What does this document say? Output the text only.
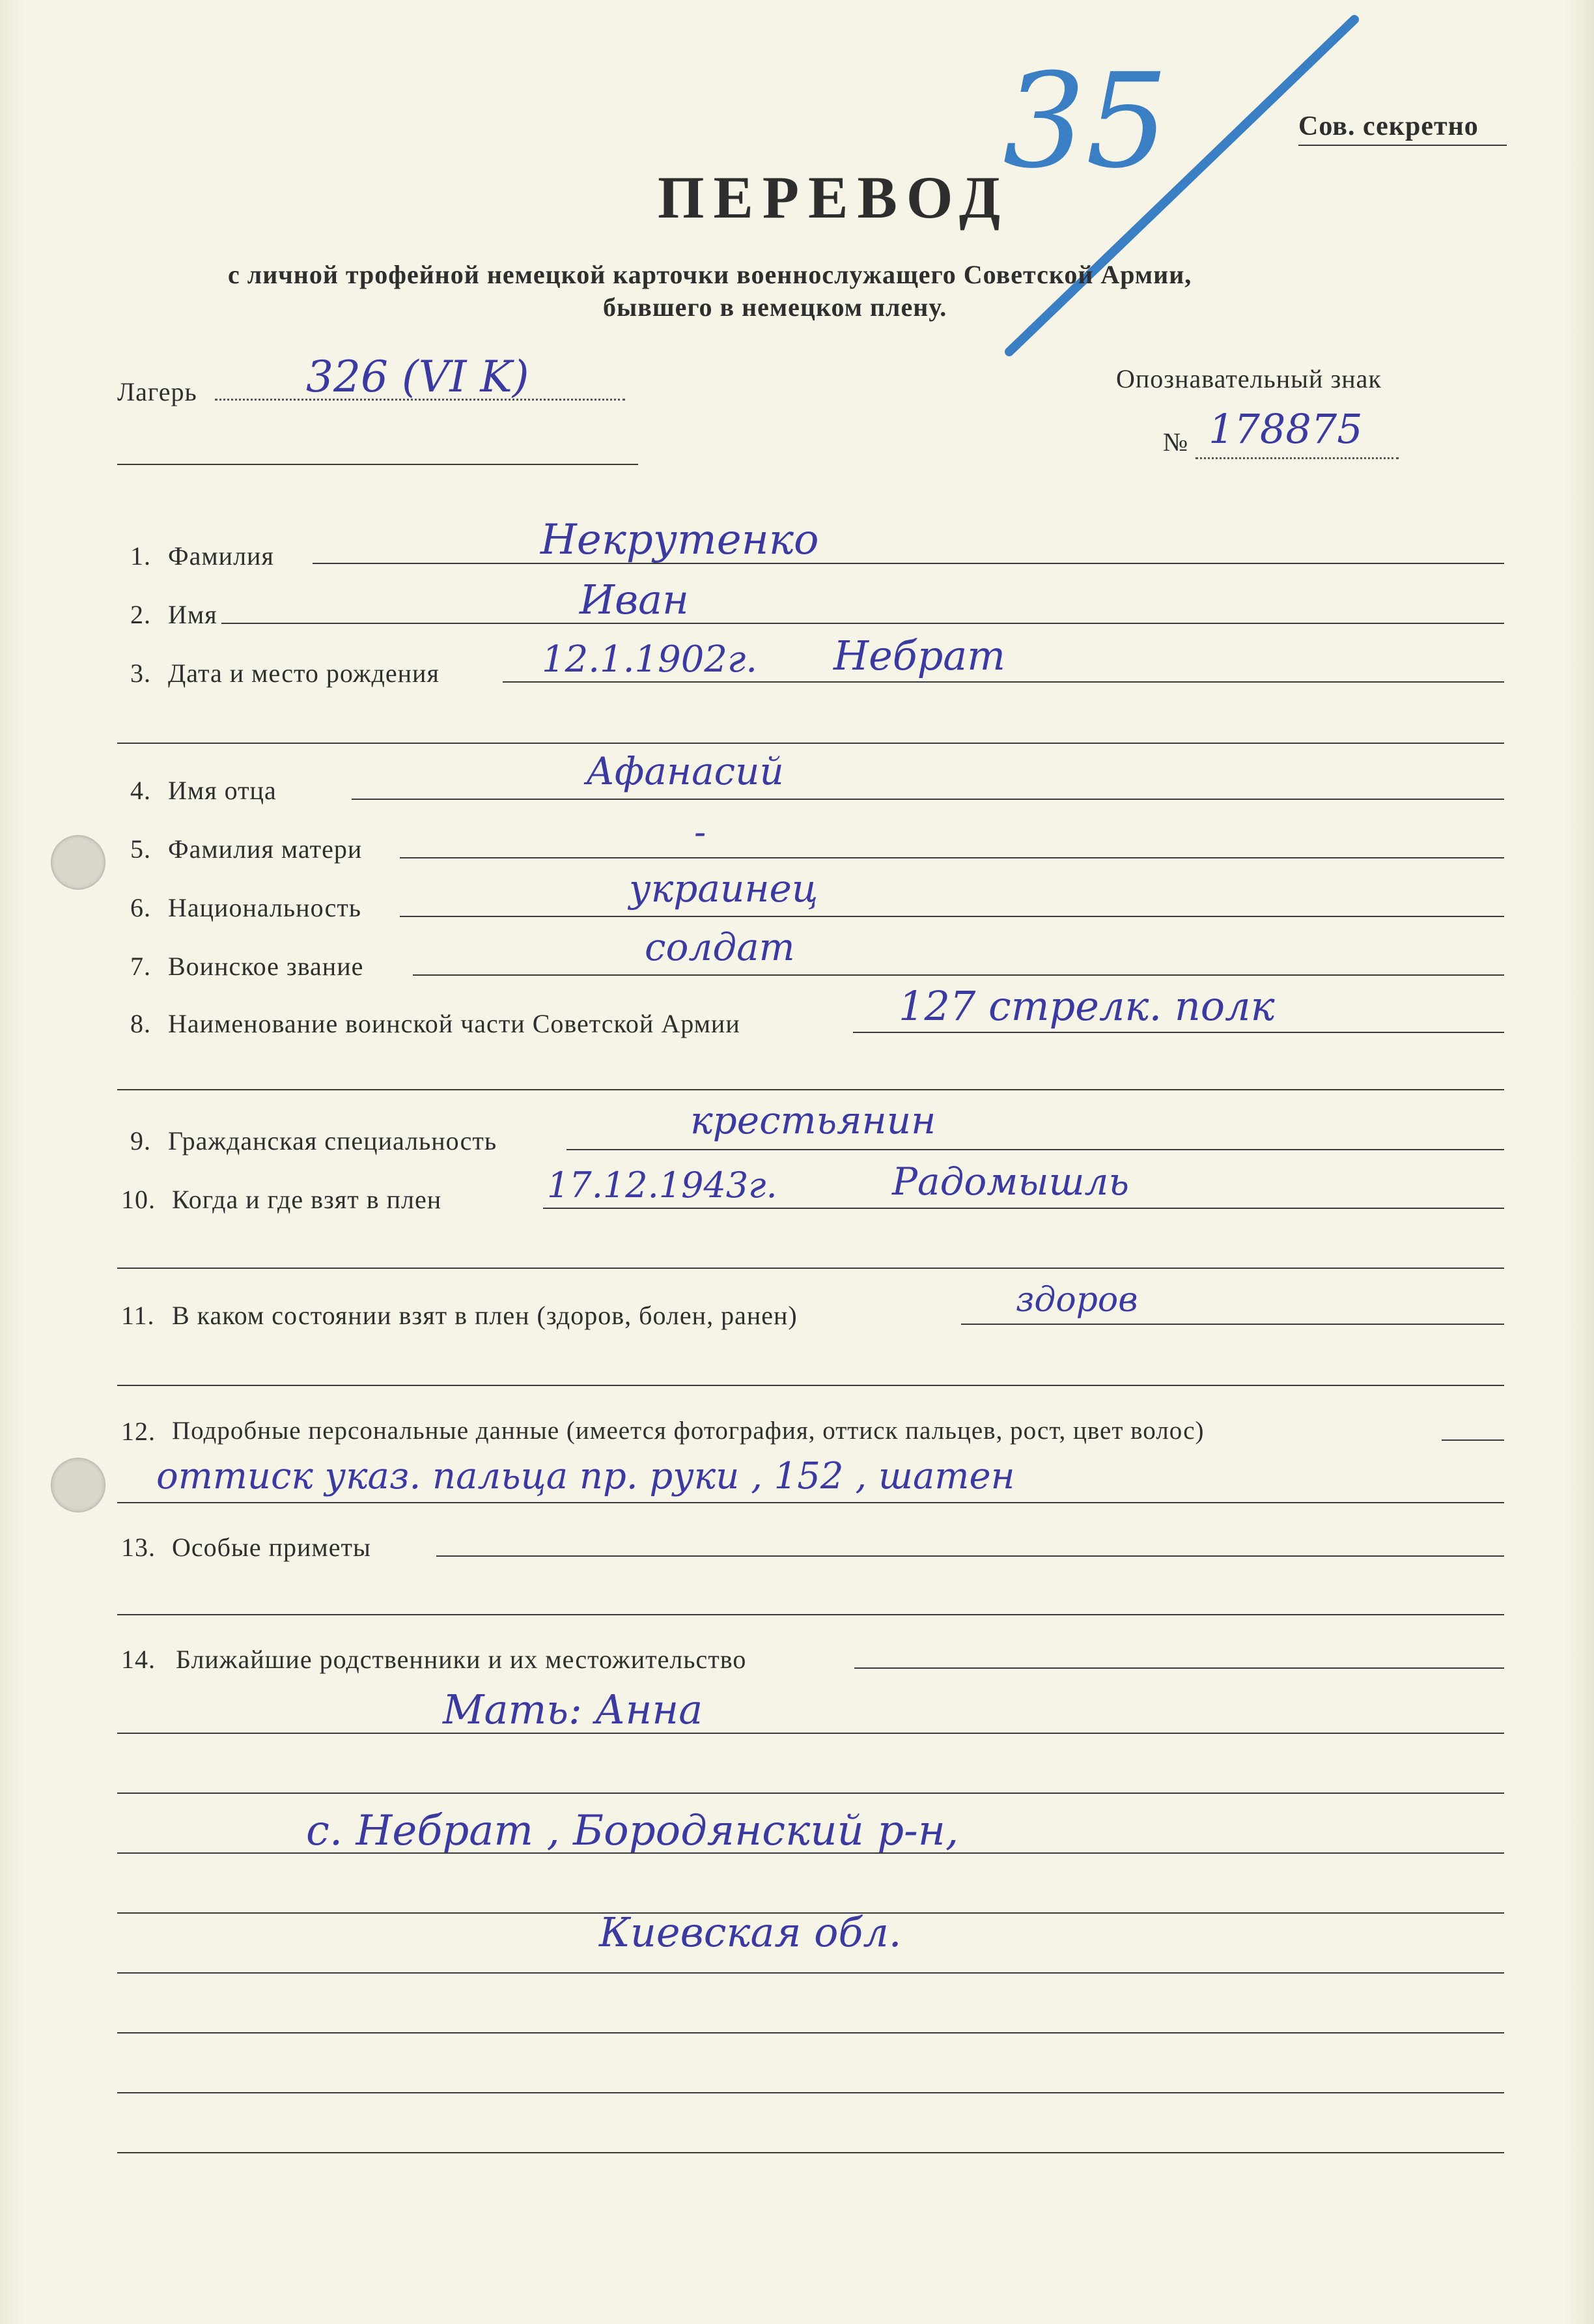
Сов. секретно
35
ПЕРЕВОД
с личной трофейной немецкой карточки военнослужащего Советской Армии,
бывшего в немецком плену.
Лагерь	326 (VI K)	Опознавательный знак
№ 178875
1. Фамилия	Некрутенко
2. Имя	Иван
3. Дата и место рождения	12.1.1902г. Небрат
4. Имя отца	Афанасий
5. Фамилия матери	-
6. Национальность	украинец
7. Воинское звание	солдат
8. Наименование воинской части Советской Армии	127 стрелк. полк
9. Гражданская специальность	крестьянин
10. Когда и где взят в плен	17.12.1943г.	Радомышль
11. В каком состоянии взят в плен (здоров, болен, ранен)	здоров
12. Подробные персональные данные (имеется фотография, оттиск пальцев, рост, цвет волос)
оттиск указ. пальца пр. руки , 152 , шатен
13. Особые приметы
14. Ближайшие родственники и их местожительство
Мать: Анна
с. Небрат , Бородянский р-н,
Киевская обл.
